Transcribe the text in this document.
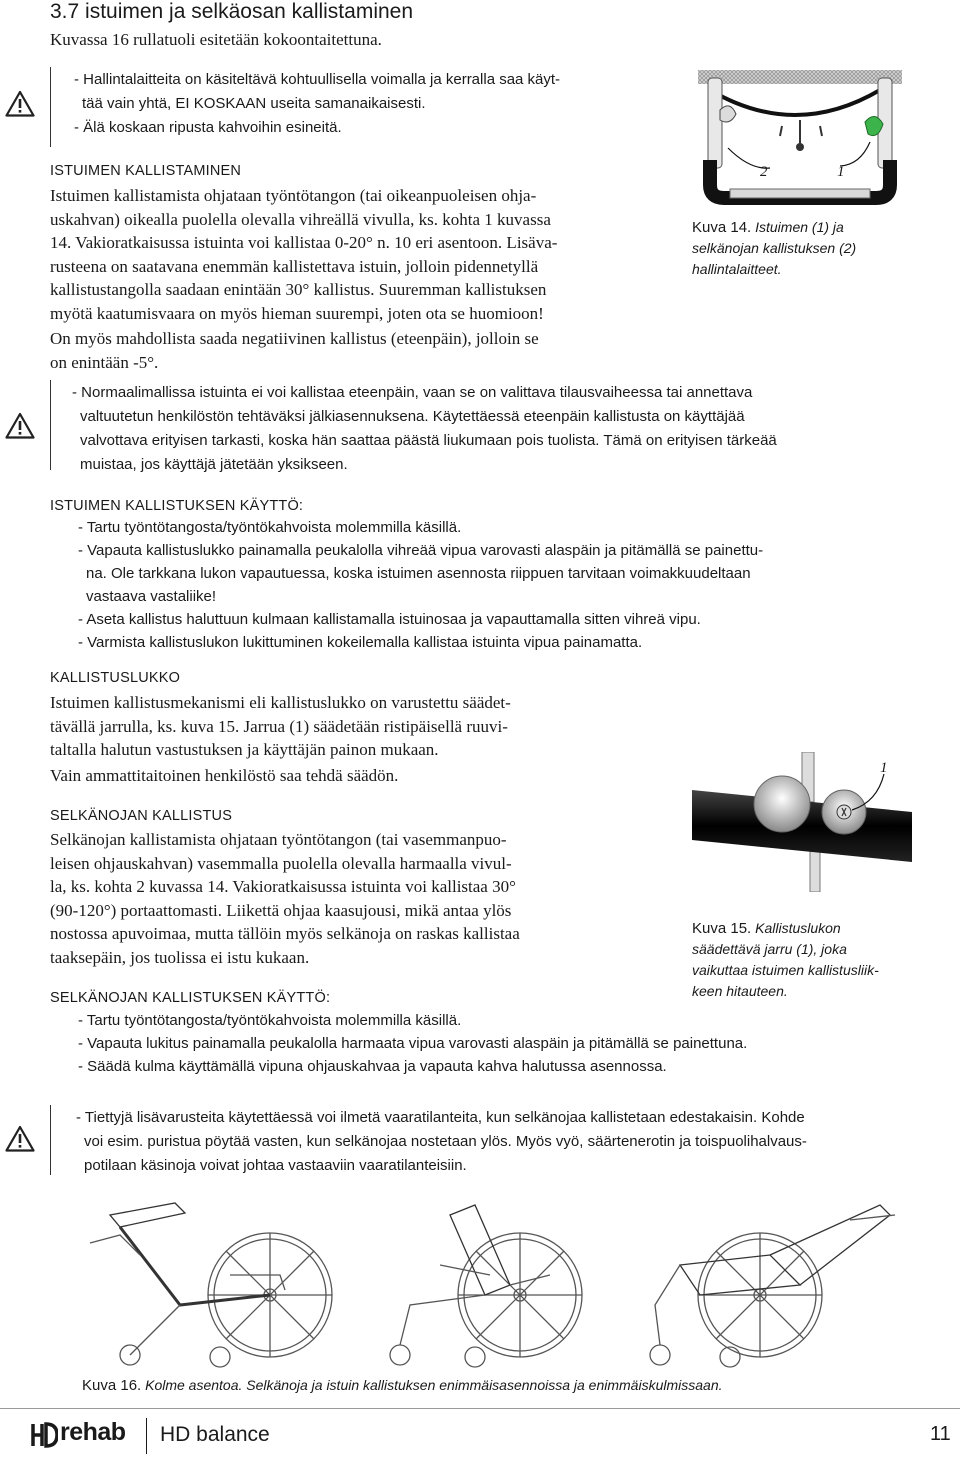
3.7 istuimen ja selkäosan kallistaminen
Kuvassa 16 rullatuoli esitetään kokoontaitettuna.
- Hallintalaitteita on käsiteltävä kohtuullisella voimalla ja kerralla saa käyt-
tää vain yhtä, EI KOSKAAN useita samanaikaisesti.
- Älä koskaan ripusta kahvoihin esineitä.
ISTUIMEN KALLISTAMINEN
Istuimen kallistamista ohjataan työntötangon (tai oikeanpuoleisen ohja-
uskahvan) oikealla puolella olevalla vihreällä vivulla, ks. kohta 1 kuvassa
14. Vakioratkaisussa istuinta voi kallistaa 0-20° n. 10 eri asentoon. Lisäva-
rusteena on saatavana enemmän kallistettava istuin, jolloin pidennetyllä
kallistustangolla saadaan enintään 30° kallistus. Suuremman kallistuksen
myötä kaatumisvaara on myös hieman suurempi, joten ota se huomioon!
On myös mahdollista saada negatiivinen kallistus (eteenpäin), jolloin se
on enintään -5°.
2	1
Kuva 14. Istuimen (1) ja
selkänojan kallistuksen (2)
hallintalaitteet.
- Normaalimallissa istuinta ei voi kallistaa eteenpäin, vaan se on valittava tilausvaiheessa tai annettava
valtuutetun henkilöstön tehtäväksi jälkiasennuksena. Käytettäessä eteenpäin kallistusta on käyttäjää
valvottava erityisen tarkasti, koska hän saattaa päästä liukumaan pois tuolista. Tämä on erityisen tärkeää
muistaa, jos käyttäjä jätetään yksikseen.
ISTUIMEN KALLISTUKSEN KÄYTTÖ:
- Tartu työntötangosta/työntökahvoista molemmilla käsillä.
- Vapauta kallistuslukko painamalla peukalolla vihreää vipua varovasti alaspäin ja pitämällä se painettu-
na. Ole tarkkana lukon vapautuessa, koska istuimen asennosta riippuen tarvitaan voimakkuudeltaan
vastaava vastaliike!
- Aseta kallistus haluttuun kulmaan kallistamalla istuinosaa ja vapauttamalla sitten vihreä vipu.
- Varmista kallistuslukon lukittuminen kokeilemalla kallistaa istuinta vipua painamatta.
KALLISTUSLUKKO
Istuimen kallistusmekanismi eli kallistuslukko on varustettu säädet-
tävällä jarrulla, ks. kuva 15. Jarrua (1) säädetään ristipäisellä ruuvi-
taltalla halutun vastustuksen ja käyttäjän painon mukaan.
Vain ammattitaitoinen henkilöstö saa tehdä säädön.	1
Kuva 15. Kallistuslukon
säädettävä jarru (1), joka
vaikuttaa istuimen kallistusliik-
keen hitauteen.
SELKÄNOJAN KALLISTUS
Selkänojan kallistamista ohjataan työntötangon (tai vasemmanpuo-
leisen ohjauskahvan) vasemmalla puolella olevalla harmaalla vivul-
la, ks. kohta 2 kuvassa 14. Vakioratkaisussa istuinta voi kallistaa 30°
(90-120°) portaattomasti. Liikettä ohjaa kaasujousi, mikä antaa ylös
nostossa apuvoimaa, mutta tällöin myös selkänoja on raskas kallistaa
taaksepäin, jos tuolissa ei istu kukaan.
SELKÄNOJAN KALLISTUKSEN KÄYTTÖ:
- Tartu työntötangosta/työntökahvoista molemmilla käsillä.
- Vapauta lukitus painamalla peukalolla harmaata vipua varovasti alaspäin ja pitämällä se painettuna.
- Säädä kulma käyttämällä vipuna ohjauskahvaa ja vapauta kahva halutussa asennossa.
- Tiettyjä lisävarusteita käytettäessä voi ilmetä vaaratilanteita, kun selkänojaa kallistetaan edestakaisin. Kohde
voi esim. puristua pöytää vasten, kun selkänojaa nostetaan ylös. Myös vyö, säärtenerotin ja toispuolihalvaus-
potilaan käsinoja voivat johtaa vastaaviin vaaratilanteisiin.
Kuva 16. Kolme asentoa. Selkänoja ja istuin kallistuksen enimmäisasennoissa ja enimmäiskulmissaan.
rehab HD balance	11
